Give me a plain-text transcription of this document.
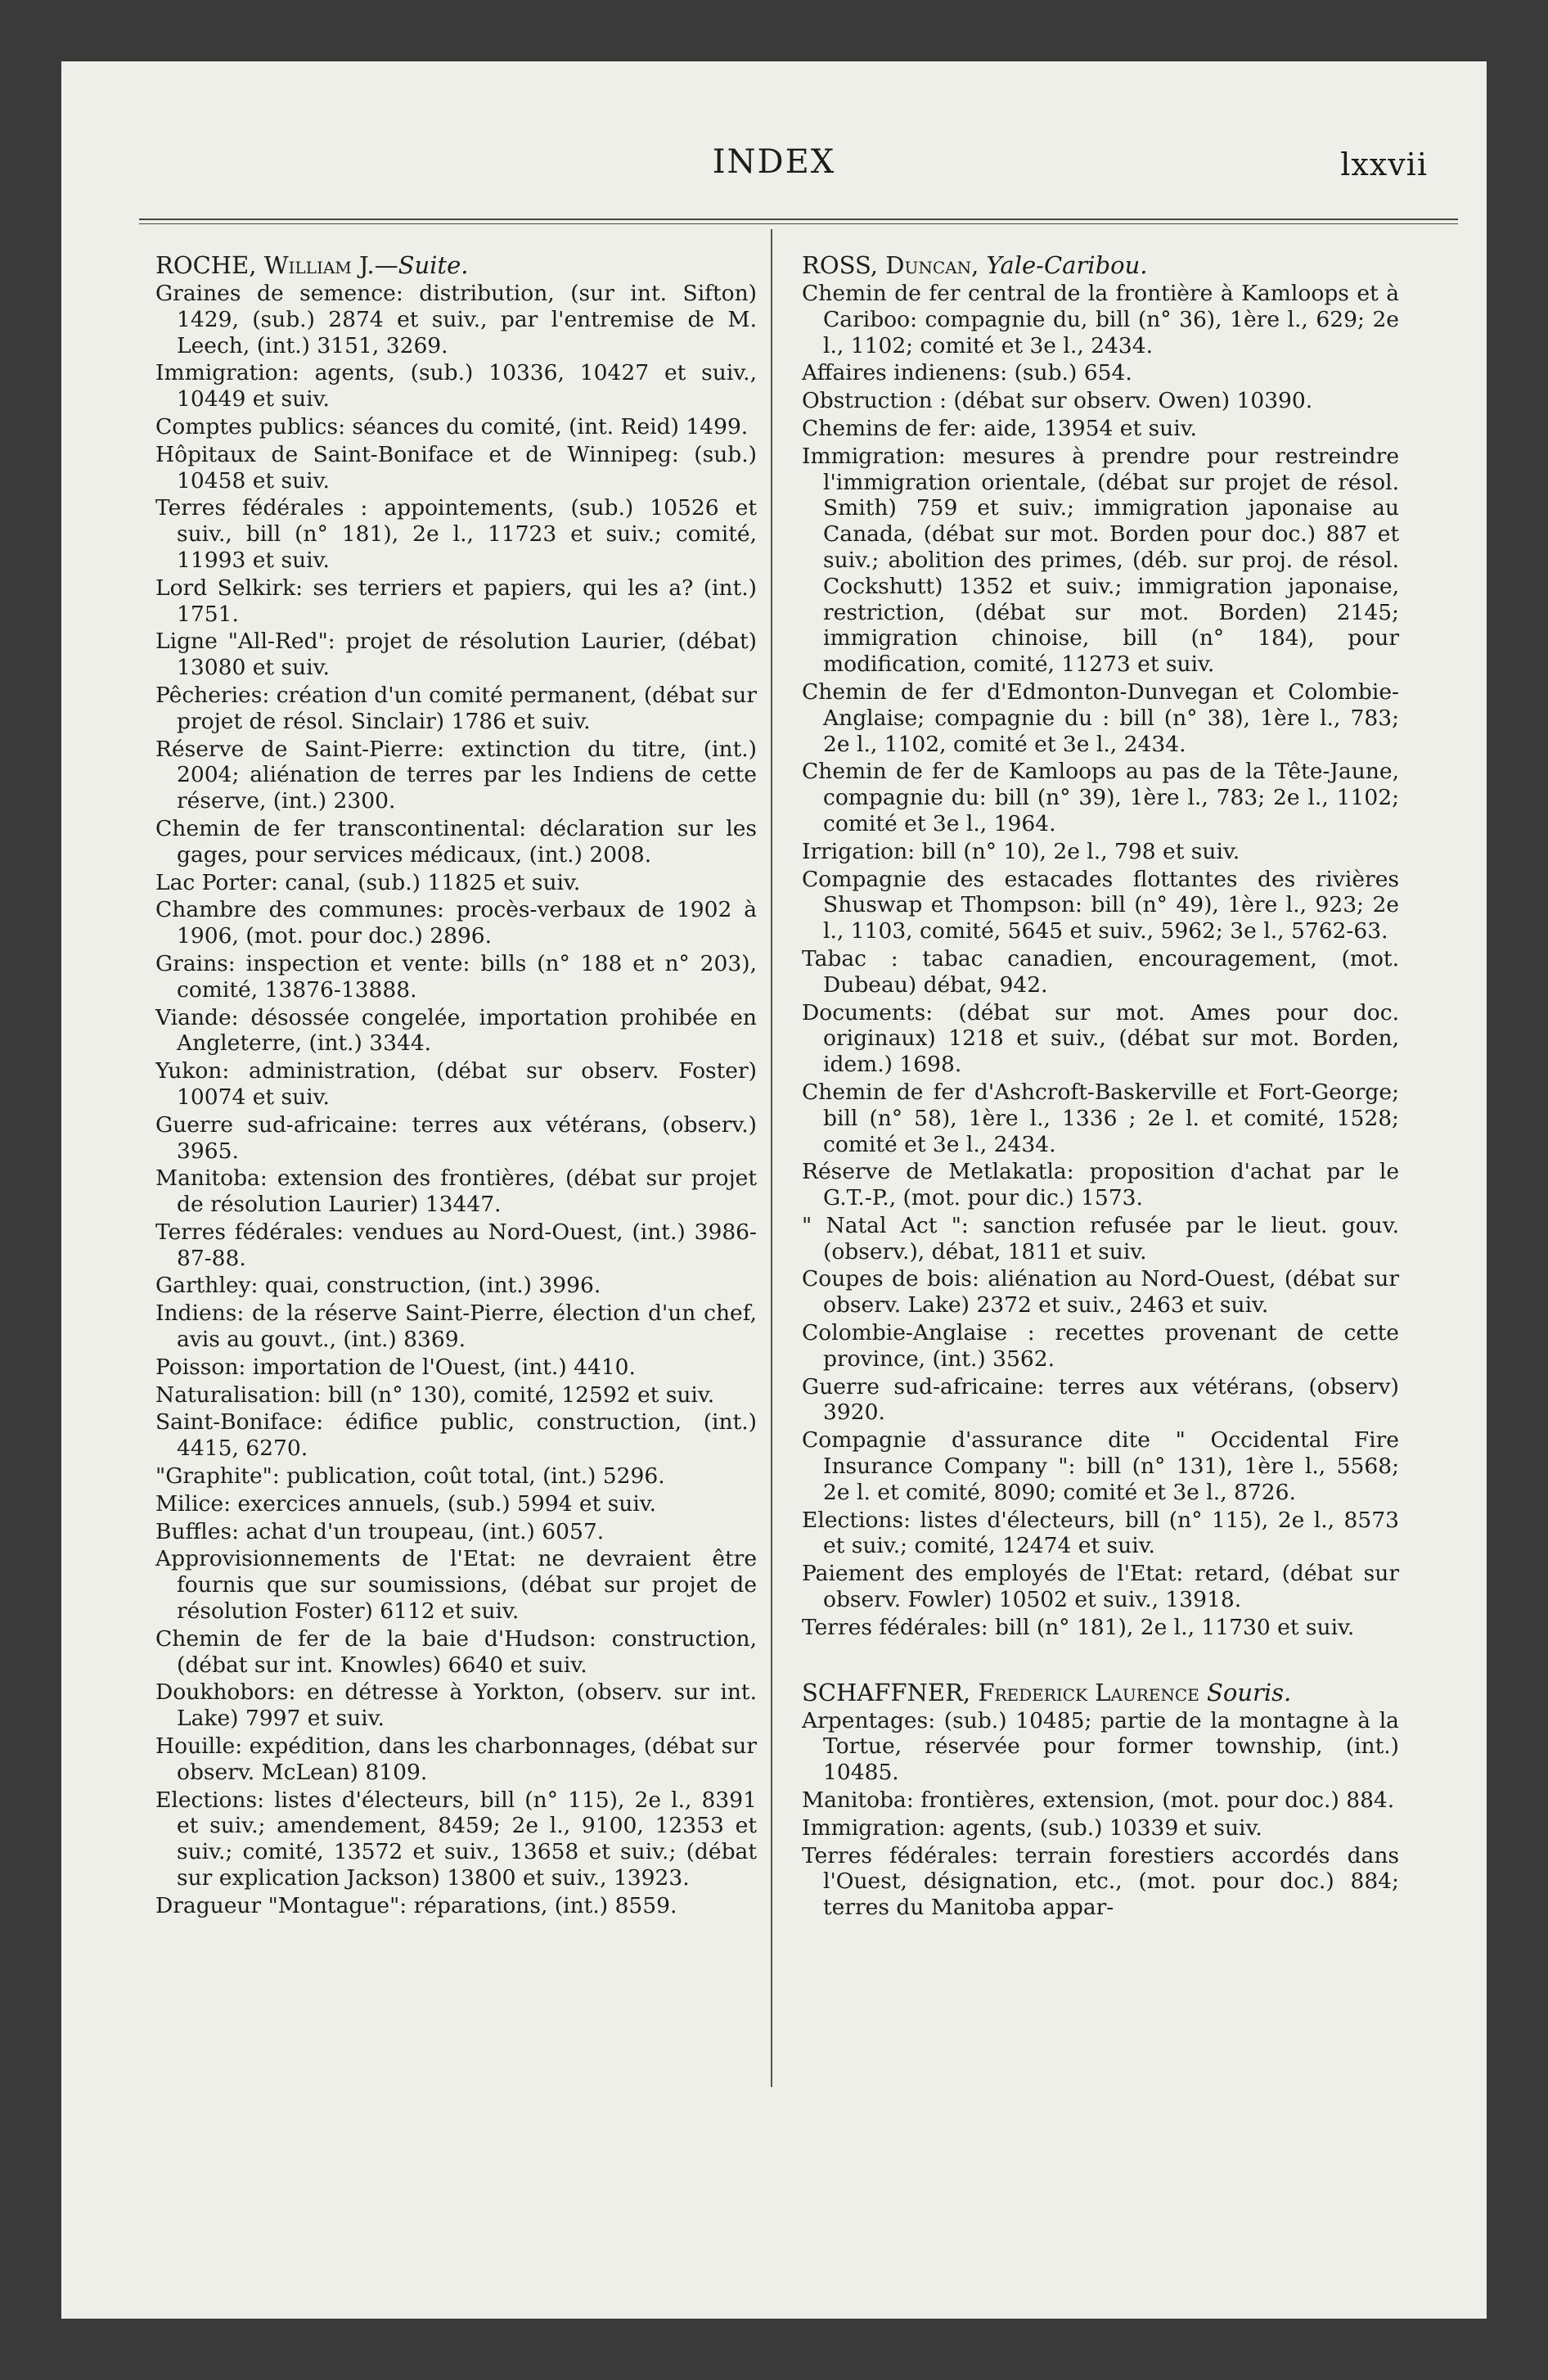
INDEX	lxxvii
ROCHE, William J.—Suite.

Graines de semence: distribution, (sur int. Sifton) 1429, (sub.) 2874 et suiv., par l'entremise de M. Leech, (int.) 3151, 3269.

Immigration: agents, (sub.) 10336, 10427 et suiv., 10449 et suiv.

Comptes publics: séances du comité, (int. Reid) 1499.

Hôpitaux de Saint-Boniface et de Winnipeg: (sub.) 10458 et suiv.

Terres fédérales : appointements, (sub.) 10526 et suiv., bill (n° 181), 2e l., 11723 et suiv.; comité, 11993 et suiv.

Lord Selkirk: ses terriers et papiers, qui les a? (int.) 1751.

Ligne "All-Red": projet de résolution Laurier, (débat) 13080 et suiv.

Pêcheries: création d'un comité permanent, (débat sur projet de résol. Sinclair) 1786 et suiv.

Réserve de Saint-Pierre: extinction du titre, (int.) 2004; aliénation de terres par les Indiens de cette réserve, (int.) 2300.

Chemin de fer transcontinental: déclaration sur les gages, pour services médicaux, (int.) 2008.

Lac Porter: canal, (sub.) 11825 et suiv.

Chambre des communes: procès-verbaux de 1902 à 1906, (mot. pour doc.) 2896.

Grains: inspection et vente: bills (n° 188 et n° 203), comité, 13876-13888.

Viande: désossée congelée, importation prohibée en Angleterre, (int.) 3344.

Yukon: administration, (débat sur observ. Foster) 10074 et suiv.

Guerre sud-africaine: terres aux vétérans, (observ.) 3965.

Manitoba: extension des frontières, (débat sur projet de résolution Laurier) 13447.

Terres fédérales: vendues au Nord-Ouest, (int.) 3986-87-88.

Garthley: quai, construction, (int.) 3996.

Indiens: de la réserve Saint-Pierre, élection d'un chef, avis au gouvt., (int.) 8369.

Poisson: importation de l'Ouest, (int.) 4410.

Naturalisation: bill (n° 130), comité, 12592 et suiv.

Saint-Boniface: édifice public, construction, (int.) 4415, 6270.

"Graphite": publication, coût total, (int.) 5296.

Milice: exercices annuels, (sub.) 5994 et suiv.

Buffles: achat d'un troupeau, (int.) 6057.

Approvisionnements de l'Etat: ne devraient être fournis que sur soumissions, (débat sur projet de résolution Foster) 6112 et suiv.

Chemin de fer de la baie d'Hudson: construction, (débat sur int. Knowles) 6640 et suiv.

Doukhobors: en détresse à Yorkton, (observ. sur int. Lake) 7997 et suiv.

Houille: expédition, dans les charbonnages, (débat sur observ. McLean) 8109.

Elections: listes d'électeurs, bill (n° 115), 2e l., 8391 et suiv.; amendement, 8459; 2e l., 9100, 12353 et suiv.; comité, 13572 et suiv., 13658 et suiv.; (débat sur explication Jackson) 13800 et suiv., 13923.

Dragueur "Montague": réparations, (int.) 8559.

ROSS, Duncan, Yale-Caribou.

Chemin de fer central de la frontière à Kamloops et à Cariboo: compagnie du, bill (n° 36), 1ère l., 629; 2e l., 1102; comité et 3e l., 2434.

Affaires indienens: (sub.) 654.

Obstruction : (débat sur observ. Owen) 10390.

Chemins de fer: aide, 13954 et suiv.

Immigration: mesures à prendre pour restreindre l'immigration orientale, (débat sur projet de résol. Smith) 759 et suiv.; immigration japonaise au Canada, (débat sur mot. Borden pour doc.) 887 et suiv.; abolition des primes, (déb. sur proj. de résol. Cockshutt) 1352 et suiv.; immigration japonaise, restriction, (débat sur mot. Borden) 2145; immigration chinoise, bill (n° 184), pour modification, comité, 11273 et suiv.

Chemin de fer d'Edmonton-Dunvegan et Colombie-Anglaise; compagnie du : bill (n° 38), 1ère l., 783; 2e l., 1102, comité et 3e l., 2434.

Chemin de fer de Kamloops au pas de la Tête-Jaune, compagnie du: bill (n° 39), 1ère l., 783; 2e l., 1102; comité et 3e l., 1964.

Irrigation: bill (n° 10), 2e l., 798 et suiv.

Compagnie des estacades flottantes des rivières Shuswap et Thompson: bill (n° 49), 1ère l., 923; 2e l., 1103, comité, 5645 et suiv., 5962; 3e l., 5762-63.

Tabac : tabac canadien, encouragement, (mot. Dubeau) débat, 942.

Documents: (débat sur mot. Ames pour doc. originaux) 1218 et suiv., (débat sur mot. Borden, idem.) 1698.

Chemin de fer d'Ashcroft-Baskerville et Fort-George; bill (n° 58), 1ère l., 1336 ; 2e l. et comité, 1528; comité et 3e l., 2434.

Réserve de Metlakatla: proposition d'achat par le G.T.-P., (mot. pour dic.) 1573.

" Natal Act ": sanction refusée par le lieut. gouv. (observ.), débat, 1811 et suiv.

Coupes de bois: aliénation au Nord-Ouest, (débat sur observ. Lake) 2372 et suiv., 2463 et suiv.

Colombie-Anglaise : recettes provenant de cette province, (int.) 3562.

Guerre sud-africaine: terres aux vétérans, (observ) 3920.

Compagnie d'assurance dite " Occidental Fire Insurance Company ": bill (n° 131), 1ère l., 5568; 2e l. et comité, 8090; comité et 3e l., 8726.

Elections: listes d'électeurs, bill (n° 115), 2e l., 8573 et suiv.; comité, 12474 et suiv.

Paiement des employés de l'Etat: retard, (débat sur observ. Fowler) 10502 et suiv., 13918.

Terres fédérales: bill (n° 181), 2e l., 11730 et suiv.

SCHAFFNER, Frederick Laurence Souris.

Arpentages: (sub.) 10485; partie de la montagne à la Tortue, réservée pour former township, (int.) 10485.

Manitoba: frontières, extension, (mot. pour doc.) 884.

Immigration: agents, (sub.) 10339 et suiv.

Terres fédérales: terrain forestiers accordés dans l'Ouest, désignation, etc., (mot. pour doc.) 884; terres du Manitoba appar-
